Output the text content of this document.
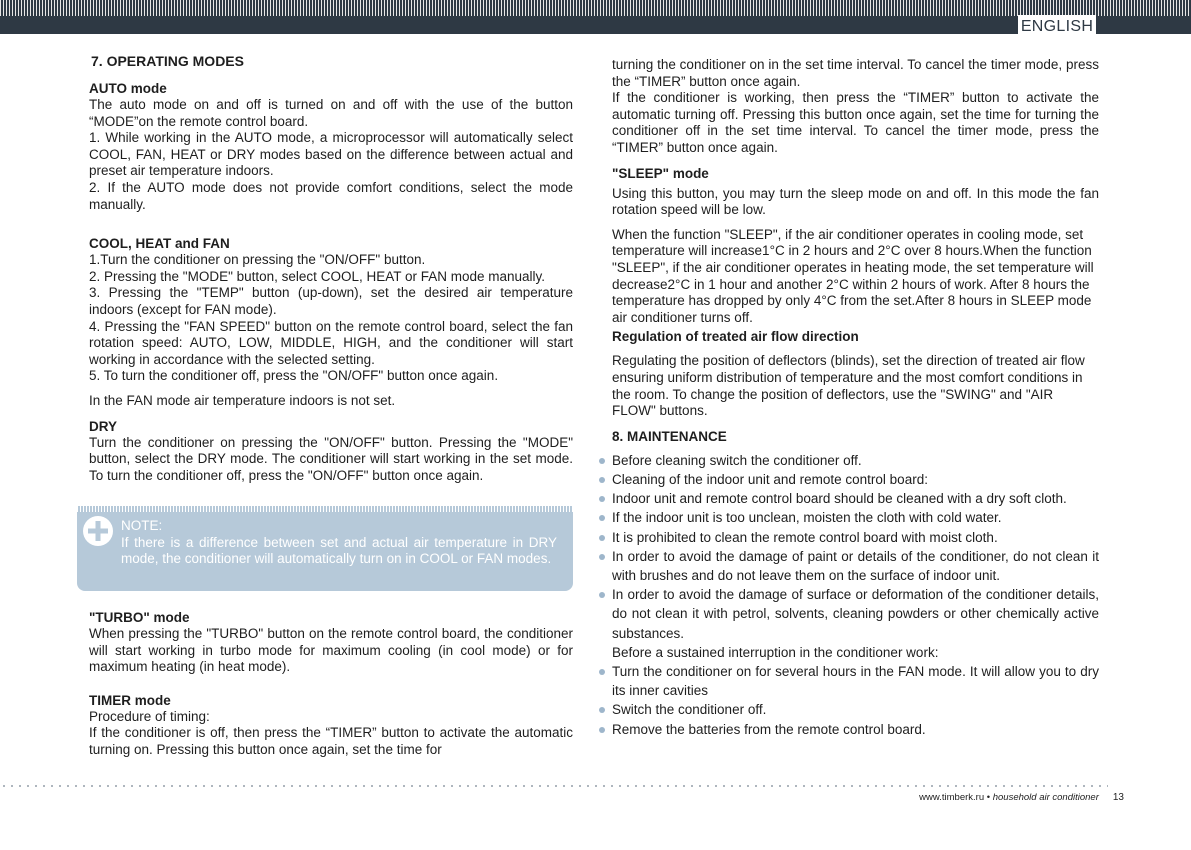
ENGLISH
7. OPERATING MODES
AUTO mode

The auto mode on and off is turned on and off with the use of the button “MODE”on the remote control board.

1. While working in the AUTO mode, a microprocessor will automatically select COOL, FAN, HEAT or DRY modes based on the difference between actual and preset air temperature indoors.

2. If the AUTO mode does not provide comfort conditions, select the mode manually.

COOL, HEAT and FAN

1.Turn the conditioner on pressing the "ON/OFF" button.

2. Pressing the "MODE" button, select COOL, HEAT or FAN mode manually.

3. Pressing the "TEMP" button (up-down), set the desired air temperature indoors (except for FAN mode).

4. Pressing the "FAN SPEED" button on the remote control board, select the fan rotation speed: AUTO, LOW, MIDDLE, HIGH, and the conditioner will start working in accordance with the selected setting.

5. To turn the conditioner off, press the "ON/OFF" button once again.

In the FAN mode air temperature indoors is not set.

DRY

Turn the conditioner on pressing the "ON/OFF" button. Pressing the "MODE" button, select the DRY mode. The conditioner will start working in the set mode. To turn the conditioner off, press the "ON/OFF" button once again.

NOTE:
If there is a difference between set and actual air temperature in DRY mode, the conditioner will automatically turn on in COOL or FAN modes.
"TURBO" mode

When pressing the "TURBO" button on the remote control board, the conditioner will start working in turbo mode for maximum cooling (in cool mode) or for maximum heating (in heat mode).

TIMER mode

Procedure of timing:

If the conditioner is off, then press the “TIMER” button to activate the automatic turning on. Pressing this button once again, set the time for

turning the conditioner on in the set time interval. To cancel the timer mode, press the “TIMER” button once again.

If the conditioner is working, then press the “TIMER” button to activate the automatic turning off. Pressing this button once again, set the time for turning the conditioner off in the set time interval. To cancel the timer mode, press the “TIMER” button once again.

"SLEEP" mode

Using this button, you may turn the sleep mode on and off. In this mode the fan rotation speed will be low.

When the function "SLEEP", if the air conditioner operates in cooling mode, set temperature will increase1°C in 2 hours and 2°C over 8 hours.When the function "SLEEP", if the air conditioner operates in heating mode, the set temperature will decrease2°C in 1 hour and another 2°C within 2 hours of work. After 8 hours the temperature has dropped by only 4°C from the set.After 8 hours in SLEEP mode air conditioner turns off.

Regulation of treated air flow direction

Regulating the position of deflectors (blinds), set the direction of treated air flow ensuring uniform distribution of temperature and the most comfort conditions in the room. To change the position of deflectors, use the "SWING" and "AIR FLOW" buttons.

8. MAINTENANCE
Before cleaning switch the conditioner off.
Cleaning of the indoor unit and remote control board:
Indoor unit and remote control board should be cleaned with a dry soft cloth.
If the indoor unit is too unclean, moisten the cloth with cold water.
It is prohibited to clean the remote control board with moist cloth.
In order to avoid the damage of paint or details of the conditioner, do not clean it with brushes and do not leave them on the surface of indoor unit.
In order to avoid the damage of surface or deformation of the conditioner details, do not clean it with petrol, solvents, cleaning powders or other chemically active substances.
Before a sustained interruption in the conditioner work:
Turn the conditioner on for several hours in the FAN mode. It will allow you to dry its inner cavities
Switch the conditioner off.
Remove the batteries from the remote control board.
www.timberk.ru • household air conditioner 13
